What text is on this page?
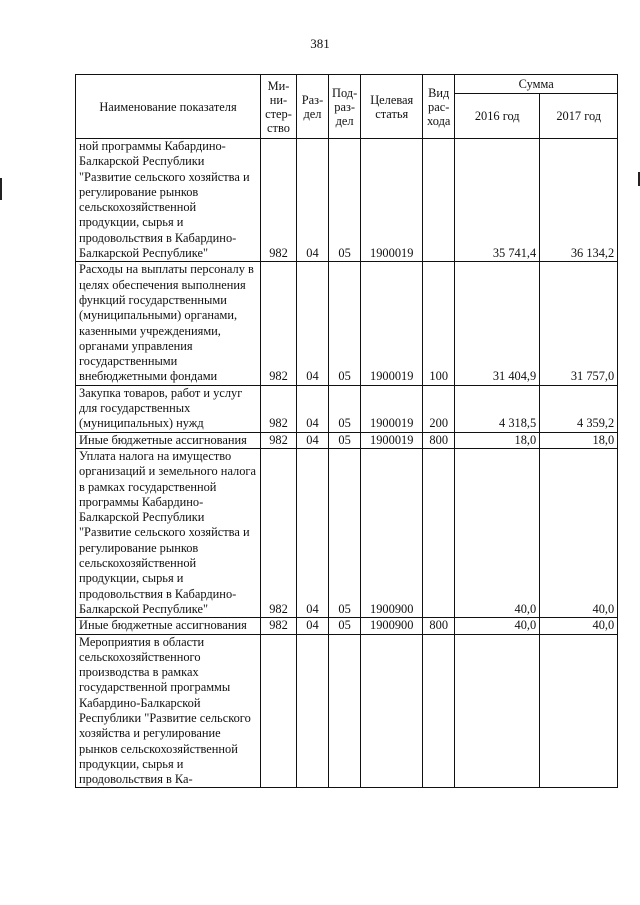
381
Наименование показателя	Ми-ни-стер-ство	Раз-дел	Под-раз-дел	Целевая статья	Вид рас-хода	Сумма	
						2016 год	2017 год
ной программы Кабардино-Балкарской Республики "Развитие сельского хозяйства и регулирование рынков сельскохозяйственной продукции, сырья и продовольствия в Кабардино-Балкарской Республике"	982	04	05	1900019		35 741,4	36 134,2
Расходы на выплаты персоналу в целях обеспечения выполнения функций государственными (муниципальными) органами, казенными учреждениями, органами управления государственными внебюджетными фондами	982	04	05	1900019	100	31 404,9	31 757,0
Закупка товаров, работ и услуг для государственных (муниципальных) нужд	982	04	05	1900019	200	4 318,5	4 359,2
Иные бюджетные ассигнования	982	04	05	1900019	800	18,0	18,0
Уплата налога на имущество организаций и земельного налога в рамках государственной программы Кабардино-Балкарской Республики "Развитие сельского хозяйства и регулирование рынков сельскохозяйственной продукции, сырья и продовольствия в Кабардино-Балкарской Республике"	982	04	05	1900900		40,0	40,0
Иные бюджетные ассигнования	982	04	05	1900900	800	40,0	40,0
Мероприятия в области сельскохозяйственного производства в рамках государственной программы Кабардино-Балкарской Республики "Развитие сельского хозяйства и регулирование рынков сельскохозяйственной продукции, сырья и продовольствия в Ка-							
